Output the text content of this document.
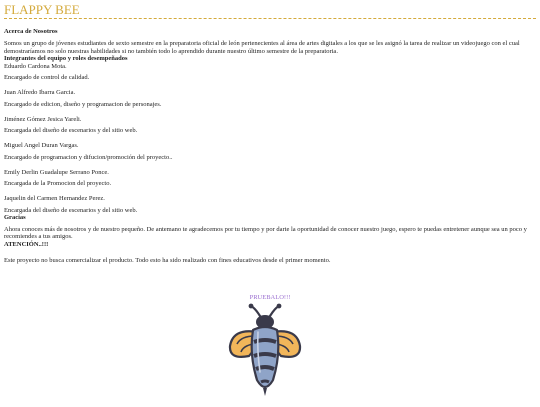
FLAPPY BEE
Acerca de Nosotros

Somos un grupo de jóvenes estudiantes de sexto semestre en la preparatoria oficial de león pertenecientes al área de artes digitales a los que se les asignó la tarea de realizar un videojuego con el cual demostraríamos no solo nuestras habilidades si no también todo lo aprendido durante nuestro último semestre de la preparatoria.

Integrantes del equipo y roles desempeñados
Eduardo Cardona Mota.
Encargado de control de calidad.
Juan Alfredo Ibarra Garcia.
Encargado de edicion, diseño y programacion de personajes.
Jiménez Gómez Jesica Yareli.
Encargada del diseño de escenarios y del sitio web.
Miguel Angel Duran Vargas.
Encargado de programacion y difucion/promoción del proyecto..
Emily Derlin Guadalupe Serrano Ponce.
Encargada de la Promocion del proyecto.
Jaquelin del Carmen Hernandez Perez.
Encargada del diseño de escenarios y del sitio web.
Gracias

Ahora conoces más de nosotros y de nuestro pequeño. De antemano te agradecemos por tu tiempo y por darte la oportunidad de conocer nuestro juego, espero te puedas entretener aunque sea un poco y recomiendes a tus amigos.

ATENCIÓN..!!!

Este proyecto no busca comercializar el producto. Todo esto ha sido realizado con fines educativos desde el primer momento.

PRUEBALO!!!
